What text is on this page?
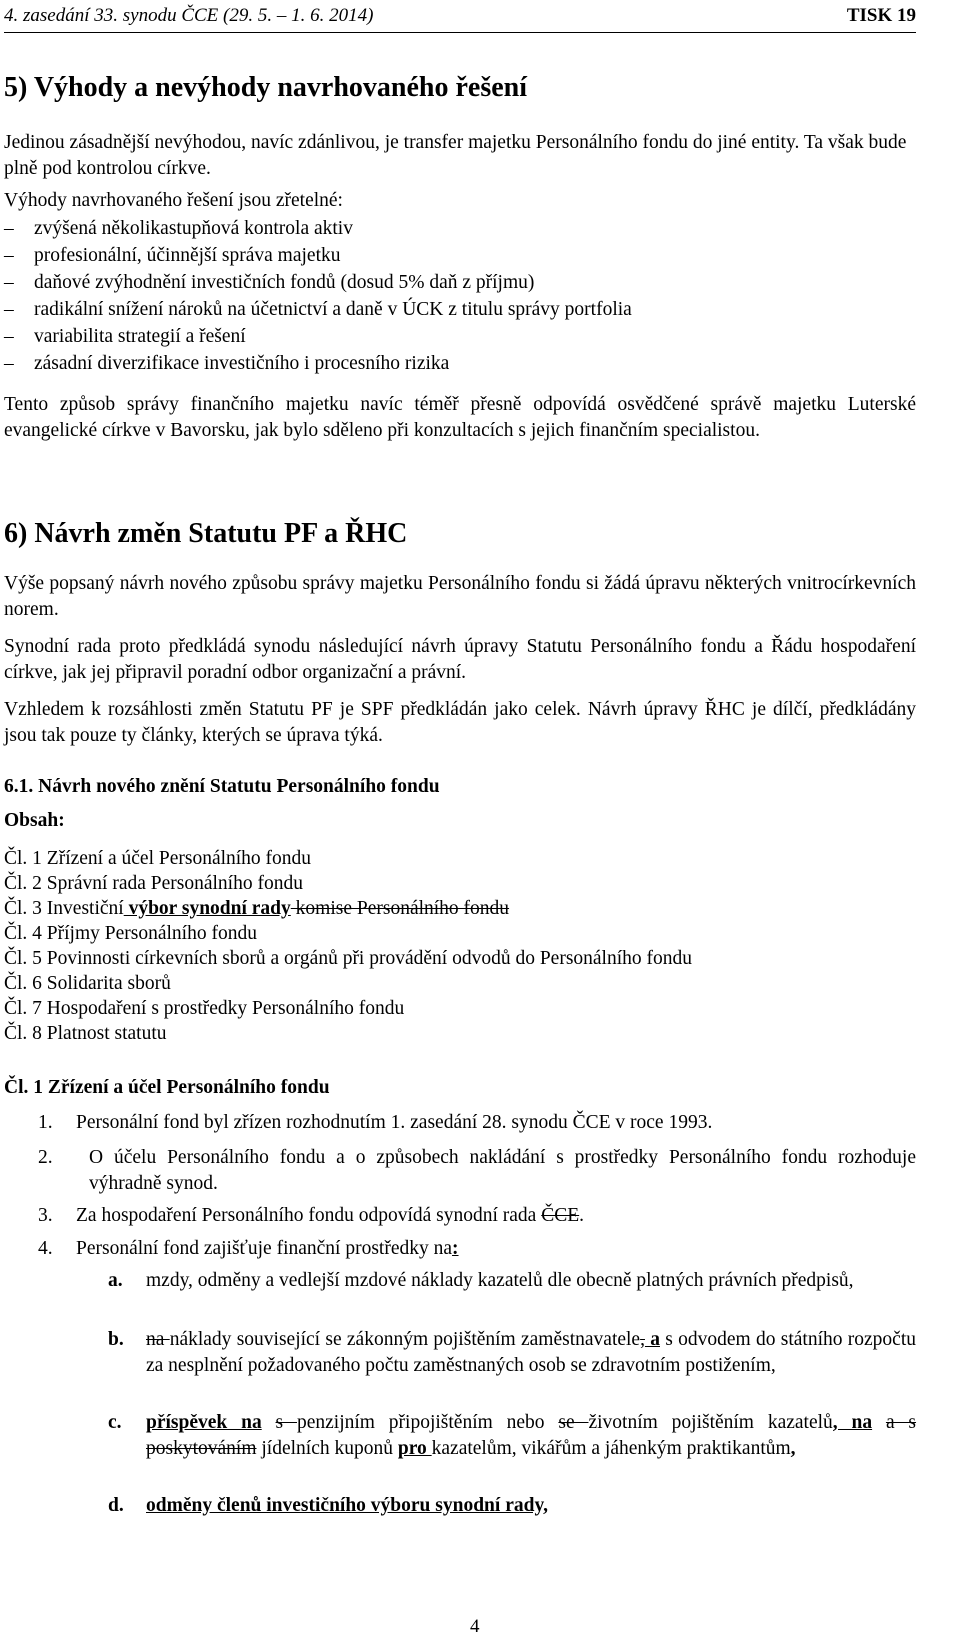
4. zasedání 33. synodu ČCE (29. 5. – 1. 6. 2014)	TISK 19
5) Výhody a nevýhody navrhovaného řešení
Jedinou zásadnější nevýhodou, navíc zdánlivou, je transfer majetku Personálního fondu do jiné entity. Ta však bude plně pod kontrolou církve.
Výhody navrhovaného řešení jsou zřetelné:
– zvýšená několikastupňová kontrola aktiv
– profesionální, účinnější správa majetku
– daňové zvýhodnění investičních fondů (dosud 5% daň z příjmu)
– radikální snížení nároků na účetnictví a daně v ÚCK z titulu správy portfolia
– variabilita strategií a řešení
– zásadní diverzifikace investičního i procesního rizika
Tento způsob správy finančního majetku navíc téměř přesně odpovídá osvědčené správě majetku Luterské evangelické církve v Bavorsku, jak bylo sděleno při konzultacích s jejich finančním specialistou.
6) Návrh změn Statutu PF a ŘHC
Výše popsaný návrh nového způsobu správy majetku Personálního fondu si žádá úpravu některých vnitrocírkevních norem.
Synodní rada proto předkládá synodu následující návrh úpravy Statutu Personálního fondu a Řádu hospodaření církve, jak jej připravil poradní odbor organizační a právní.
Vzhledem k rozsáhlosti změn Statutu PF je SPF předkládán jako celek. Návrh úpravy ŘHC je dílčí, předkládány jsou tak pouze ty články, kterých se úprava týká.
6.1. Návrh nového znění Statutu Personálního fondu
Obsah:
Čl. 1 Zřízení a účel Personálního fondu
Čl. 2 Správní rada Personálního fondu
Čl. 3 Investiční výbor synodní rady komise Personálního fondu
Čl. 4 Příjmy Personálního fondu
Čl. 5 Povinnosti církevních sborů a orgánů při provádění odvodů do Personálního fondu
Čl. 6 Solidarita sborů
Čl. 7 Hospodaření s prostředky Personálního fondu
Čl. 8 Platnost statutu
Čl. 1 Zřízení a účel Personálního fondu
1. Personální fond byl zřízen rozhodnutím 1. zasedání 28. synodu ČCE v roce 1993.
2.	O účelu Personálního fondu a o způsobech nakládání s prostředky Personálního fondu rozhoduje výhradně synod.
3. Za hospodaření Personálního fondu odpovídá synodní rada ČCE.
4. Personální fond zajišťuje finanční prostředky na:
a.	mzdy, odměny a vedlejší mzdové náklady kazatelů dle obecně platných právních předpisů,
b.	na náklady související se zákonným pojištěním zaměstnavatele, a s odvodem do státního rozpočtu za nesplnění požadovaného počtu zaměstnaných osob se zdravotním postižením,
c.	příspěvek na s penzijním připojištěním nebo se životním pojištěním kazatelů, na a s poskytováním jídelních kuponů pro kazatelům, vikářům a jáhenkým praktikantům,
d. odměny členů investičního výboru synodní rady,
4
